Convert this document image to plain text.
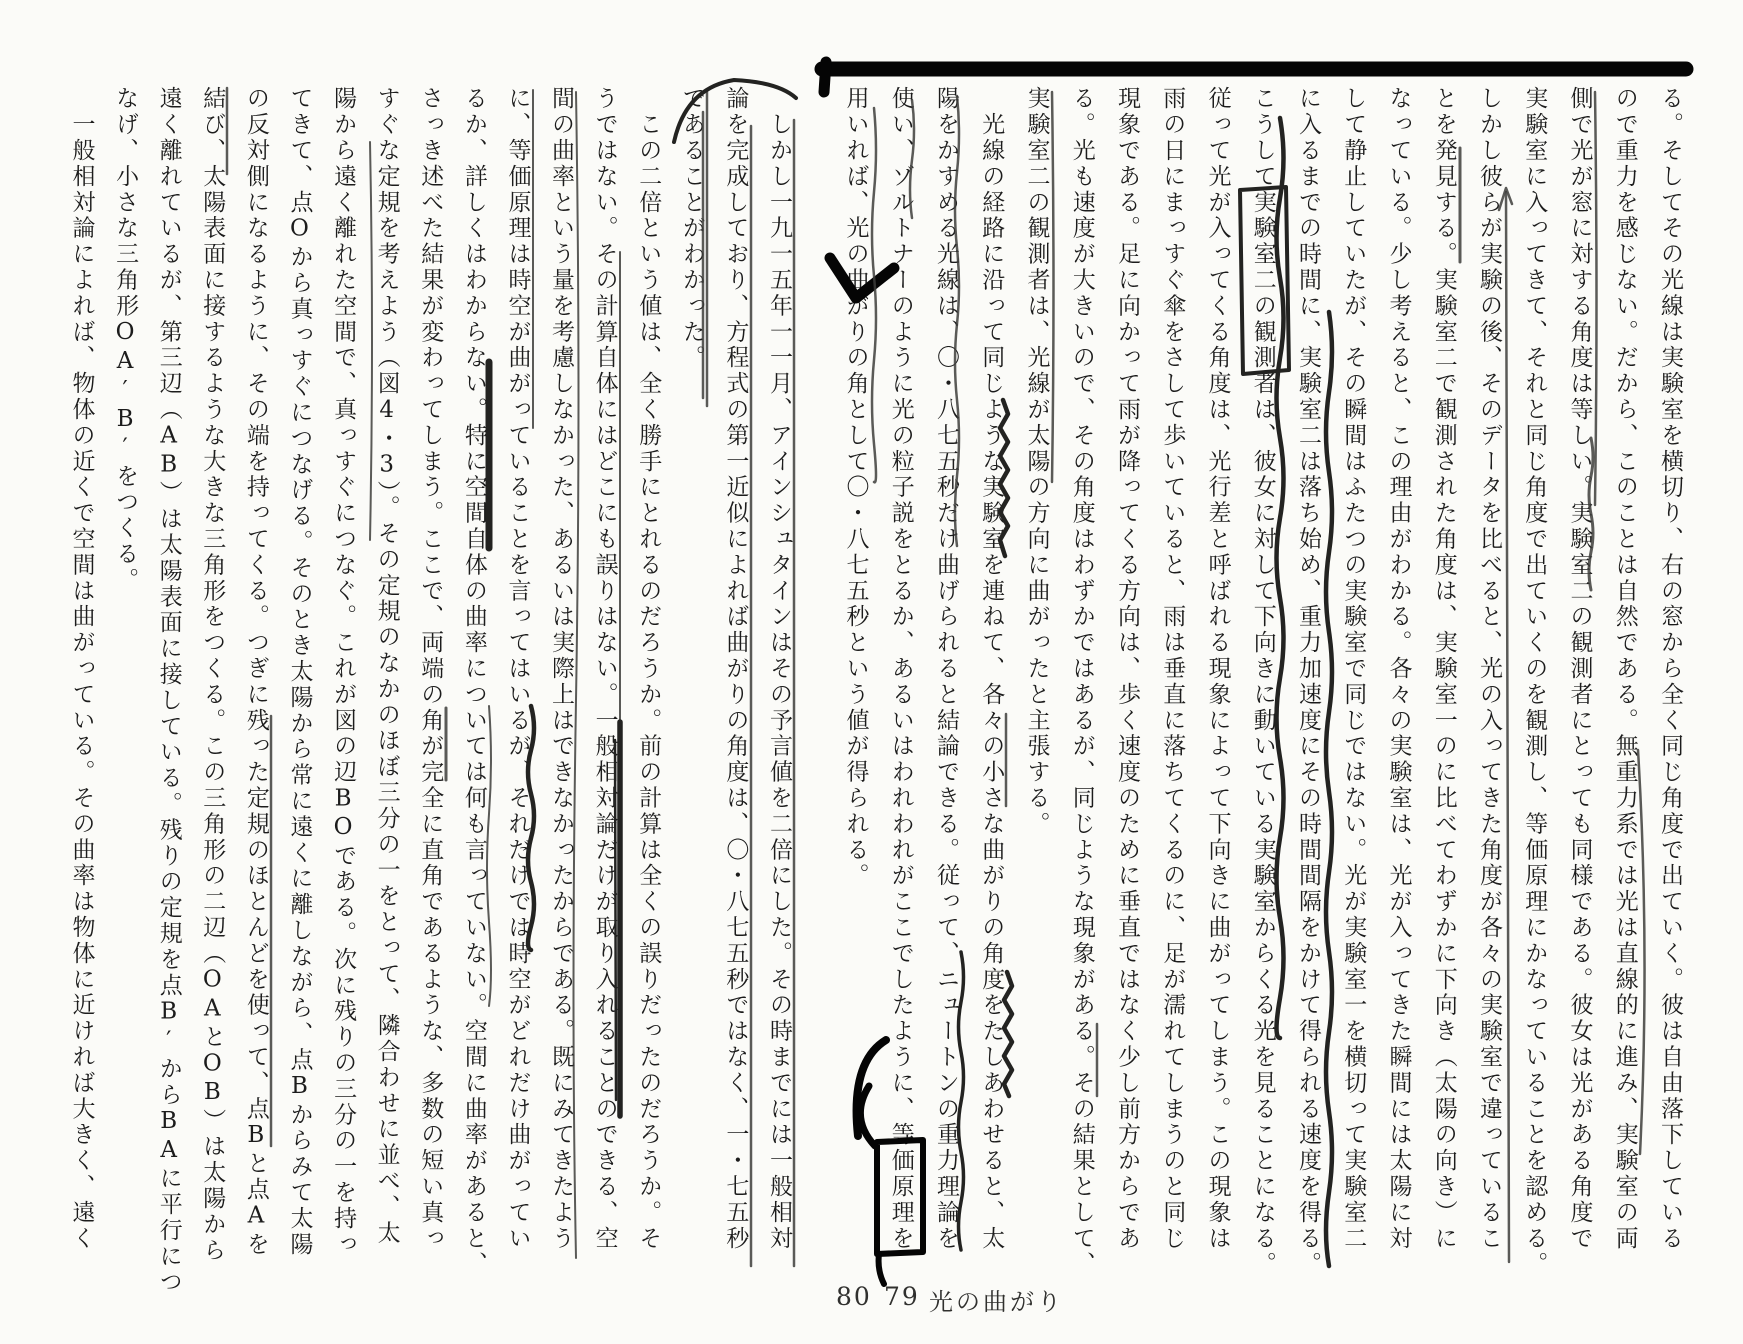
る。そしてその光線は実験室を横切り、右の窓から全く同じ角度で出ていく。彼は自由落下している
ので重力を感じない。だから、このことは自然である。無重力系では光は直線的に進み、実験室の両
側で光が窓に対する角度は等しい。実験室二の観測者にとっても同様である。彼女は光がある角度で
実験室に入ってきて、それと同じ角度で出ていくのを観測し、等価原理にかなっていることを認める。
しかし彼らが実験の後、そのデータを比べると、光の入ってきた角度が各々の実験室で違っているこ
とを発見する。実験室二で観測された角度は、実験室一のに比べてわずかに下向き（太陽の向き）に
なっている。少し考えると、この理由がわかる。各々の実験室は、光が入ってきた瞬間には太陽に対
して静止していたが、その瞬間はふたつの実験室で同じではない。光が実験室一を横切って実験室二
に入るまでの時間に、実験室二は落ち始め、重力加速度にその時間間隔をかけて得られる速度を得る。
こうして実験室二の観測者は、彼女に対して下向きに動いている実験室からくる光を見ることになる。
従って光が入ってくる角度は、光行差と呼ばれる現象によって下向きに曲がってしまう。この現象は
雨の日にまっすぐ傘をさして歩いていると、雨は垂直に落ちてくるのに、足が濡れてしまうのと同じ
現象である。足に向かって雨が降ってくる方向は、歩く速度のために垂直ではなく少し前方からであ
る。光も速度が大きいので、その角度はわずかではあるが、同じような現象がある。その結果として、
実験室二の観測者は、光線が太陽の方向に曲がったと主張する。
　光線の経路に沿って同じような実験室を連ねて、各々の小さな曲がりの角度をたしあわせると、太
陽をかすめる光線は、〇・八七五秒だけ曲げられると結論できる。従って、ニュートンの重力理論を
使い、ゾルトナーのように光の粒子説をとるか、あるいはわれわれがここでしたように、等価原理を
用いれば、光の曲がりの角として〇・八七五秒という値が得られる。
　しかし一九一五年一一月、アインシュタインはその予言値を二倍にした。その時までには一般相対
論を完成しており、方程式の第一近似によれば曲がりの角度は、〇・八七五秒ではなく、一・七五秒
であることがわかった。
　この二倍という値は、全く勝手にとれるのだろうか。前の計算は全くの誤りだったのだろうか。そ
うではない。その計算自体にはどこにも誤りはない。一般相対論だけが取り入れることのできる、空
間の曲率という量を考慮しなかった、あるいは実際上はできなかったからである。既にみてきたよう
に、等価原理は時空が曲がっていることを言ってはいるが、それだけでは時空がどれだけ曲がってい
るか、詳しくはわからない。特に空間自体の曲率については何も言っていない。空間に曲率があると、
さっき述べた結果が変わってしまう。ここで、両端の角が完全に直角であるような、多数の短い真っ
すぐな定規を考えよう（図4・3）。その定規のなかのほぼ三分の一をとって、隣合わせに並べ、太
陽から遠く離れた空間で、真っすぐにつなぐ。これが図の辺BOである。次に残りの三分の一を持っ
てきて、点Oから真っすぐにつなげる。そのとき太陽から常に遠くに離しながら、点Bからみて太陽
の反対側になるように、その端を持ってくる。つぎに残った定規のほとんどを使って、点Bと点Aを
結び、太陽表面に接するような大きな三角形をつくる。この三角形の二辺（OAとOB）は太陽から
遠く離れているが、第三辺（AB）は太陽表面に接している。残りの定規を点B′からBAに平行につ
なげ、小さな三角形OA′B′をつくる。
　一般相対論によれば、物体の近くで空間は曲がっている。その曲率は物体に近ければ大きく、遠く
80 79 光の曲がり
